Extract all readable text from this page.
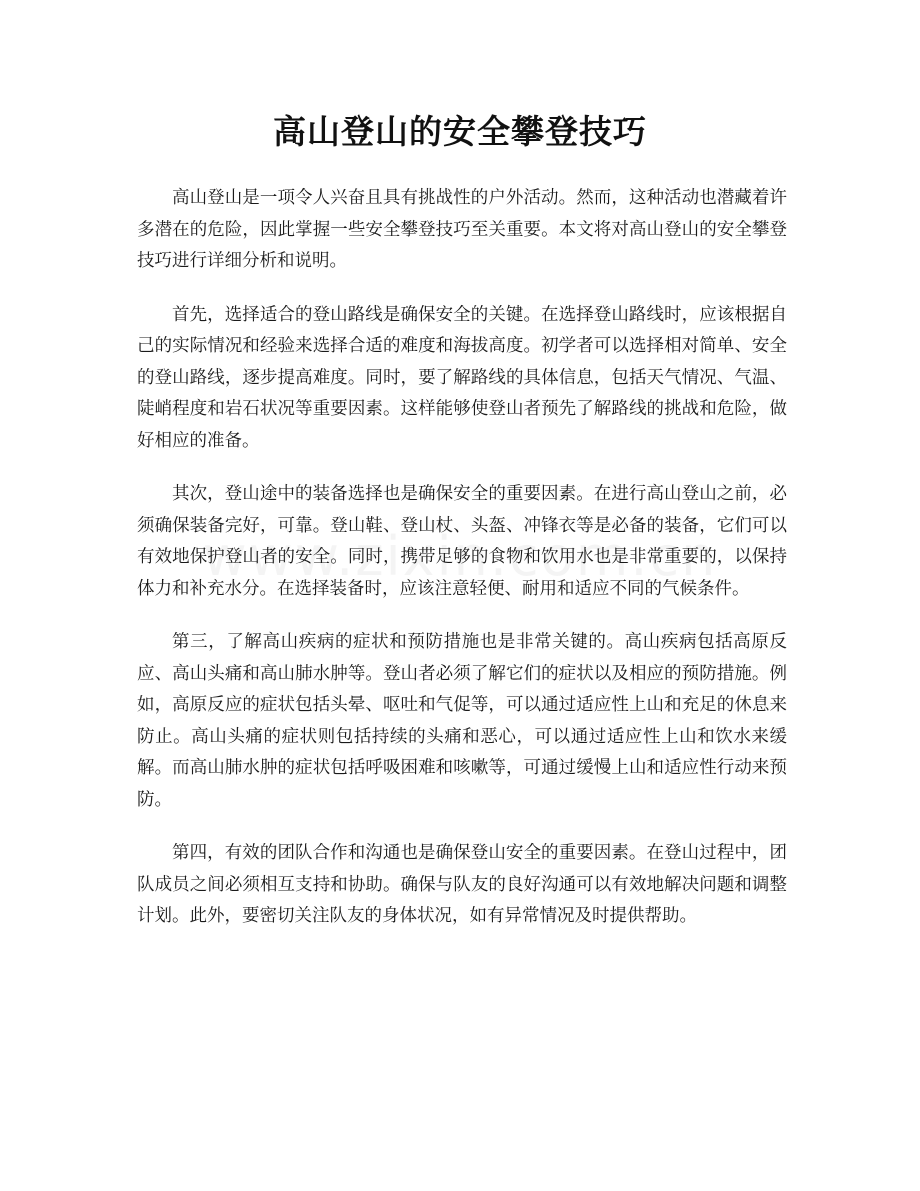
高山登山的安全攀登技巧

高山登山是一项令人兴奋且具有挑战性的户外活动。然而，这种活动也潜藏着许多潜在的危险，因此掌握一些安全攀登技巧至关重要。本文将对高山登山的安全攀登技巧进行详细分析和说明。

首先，选择适合的登山路线是确保安全的关键。在选择登山路线时，应该根据自己的实际情况和经验来选择合适的难度和海拔高度。初学者可以选择相对简单、安全的登山路线，逐步提高难度。同时，要了解路线的具体信息，包括天气情况、气温、陡峭程度和岩石状况等重要因素。这样能够使登山者预先了解路线的挑战和危险，做好相应的准备。

其次，登山途中的装备选择也是确保安全的重要因素。在进行高山登山之前，必须确保装备完好，可靠。登山鞋、登山杖、头盔、冲锋衣等是必备的装备，它们可以有效地保护登山者的安全。同时，携带足够的食物和饮用水也是非常重要的，以保持体力和补充水分。在选择装备时，应该注意轻便、耐用和适应不同的气候条件。

第三，了解高山疾病的症状和预防措施也是非常关键的。高山疾病包括高原反应、高山头痛和高山肺水肿等。登山者必须了解它们的症状以及相应的预防措施。例如，高原反应的症状包括头晕、呕吐和气促等，可以通过适应性上山和充足的休息来防止。高山头痛的症状则包括持续的头痛和恶心，可以通过适应性上山和饮水来缓解。而高山肺水肿的症状包括呼吸困难和咳嗽等，可通过缓慢上山和适应性行动来预防。

第四，有效的团队合作和沟通也是确保登山安全的重要因素。在登山过程中，团队成员之间必须相互支持和协助。确保与队友的良好沟通可以有效地解决问题和调整计划。此外，要密切关注队友的身体状况，如有异常情况及时提供帮助。
